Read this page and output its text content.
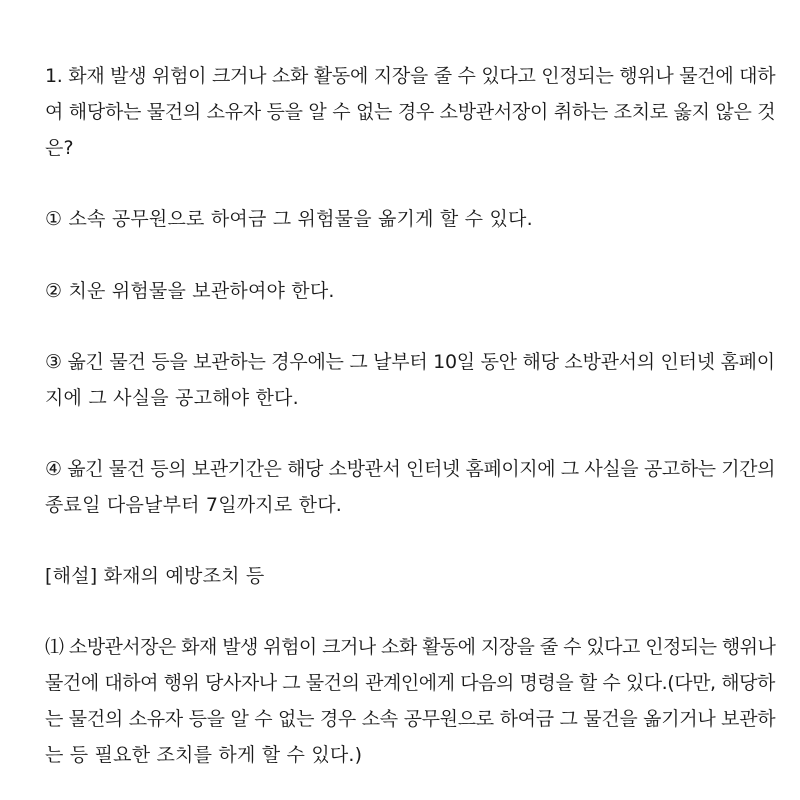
1. 화재 발생 위험이 크거나 소화 활동에 지장을 줄 수 있다고 인정되는 행위나 물건에 대하
여 해당하는 물건의 소유자 등을 알 수 없는 경우 소방관서장이 취하는 조치로 옳지 않은 것
은?
① 소속 공무원으로 하여금 그 위험물을 옮기게 할 수 있다.
② 치운 위험물을 보관하여야 한다.
③ 옮긴 물건 등을 보관하는 경우에는 그 날부터 10일 동안 해당 소방관서의 인터넷 홈페이
지에 그 사실을 공고해야 한다.
④ 옮긴 물건 등의 보관기간은 해당 소방관서 인터넷 홈페이지에 그 사실을 공고하는 기간의
종료일 다음날부터 7일까지로 한다.
[해설] 화재의 예방조치 등
⑴ 소방관서장은 화재 발생 위험이 크거나 소화 활동에 지장을 줄 수 있다고 인정되는 행위나
물건에 대하여 행위 당사자나 그 물건의 관계인에게 다음의 명령을 할 수 있다.(다만, 해당하
는 물건의 소유자 등을 알 수 없는 경우 소속 공무원으로 하여금 그 물건을 옮기거나 보관하
는 등 필요한 조치를 하게 할 수 있다.)
